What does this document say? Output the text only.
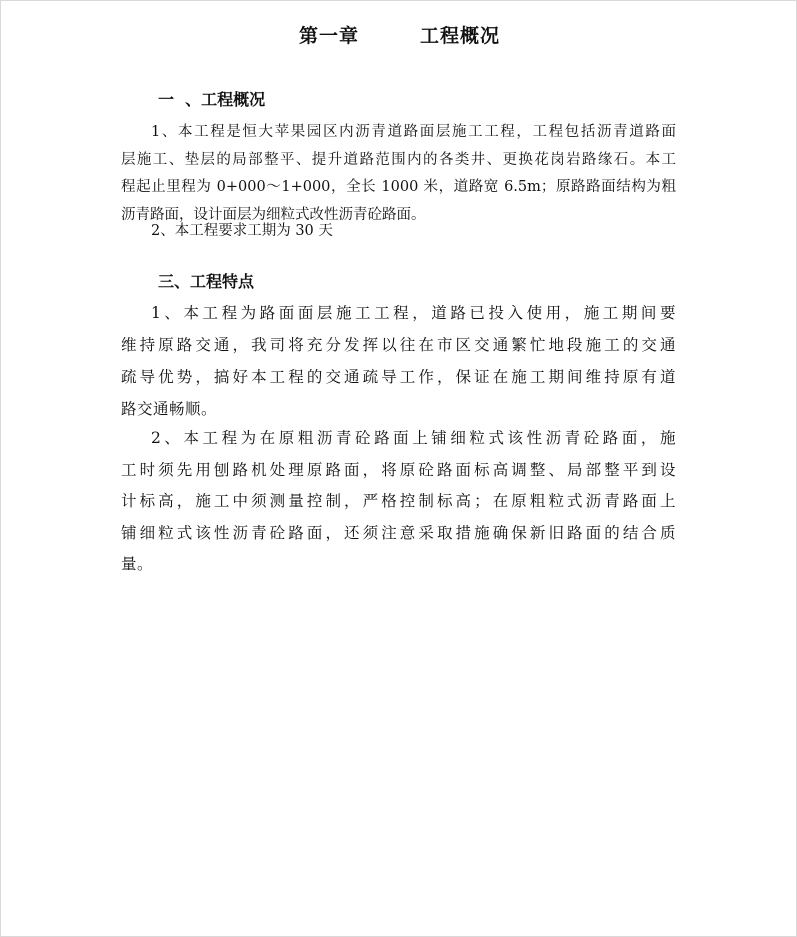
第一章        工程概况
一  、工程概况

1、本工程是恒大苹果园区内沥青道路面层施工工程，工程包括沥青道路面
层施工、垫层的局部整平、提升道路范围内的各类井、更换花岗岩路缘石。本工
程起止里程为 0+000～1+000，全长 1000 米，道路宽 6.5m；原路路面结构为粗
沥青路面，设计面层为细粒式改性沥青砼路面。

2、本工程要求工期为 30 天

三、工程特点

1、本工程为路面面层施工工程，道路已投入使用，施工期间要
维持原路交通，我司将充分发挥以往在市区交通繁忙地段施工的交通
疏导优势，搞好本工程的交通疏导工作，保证在施工期间维持原有道
路交通畅顺。

2、本工程为在原粗沥青砼路面上铺细粒式该性沥青砼路面，施
工时须先用刨路机处理原路面，将原砼路面标高调整、局部整平到设
计标高，施工中须测量控制，严格控制标高；在原粗粒式沥青路面上
铺细粒式该性沥青砼路面，还须注意采取措施确保新旧路面的结合质
量。
